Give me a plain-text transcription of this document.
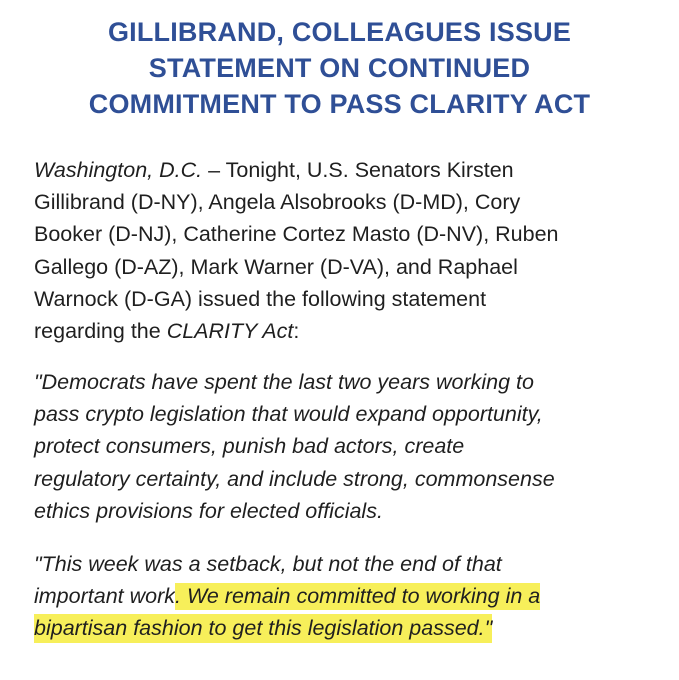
GILLIBRAND, COLLEAGUES ISSUE
STATEMENT ON CONTINUED
COMMITMENT TO PASS CLARITY ACT
Washington, D.C. – Tonight, U.S. Senators Kirsten
Gillibrand (D-NY), Angela Alsobrooks (D-MD), Cory
Booker (D-NJ), Catherine Cortez Masto (D-NV), Ruben
Gallego (D-AZ), Mark Warner (D-VA), and Raphael
Warnock (D-GA) issued the following statement
regarding the CLARITY Act:
"Democrats have spent the last two years working to
pass crypto legislation that would expand opportunity,
protect consumers, punish bad actors, create
regulatory certainty, and include strong, commonsense
ethics provisions for elected officials.
"This week was a setback, but not the end of that
important work. We remain committed to working in a
bipartisan fashion to get this legislation passed."
